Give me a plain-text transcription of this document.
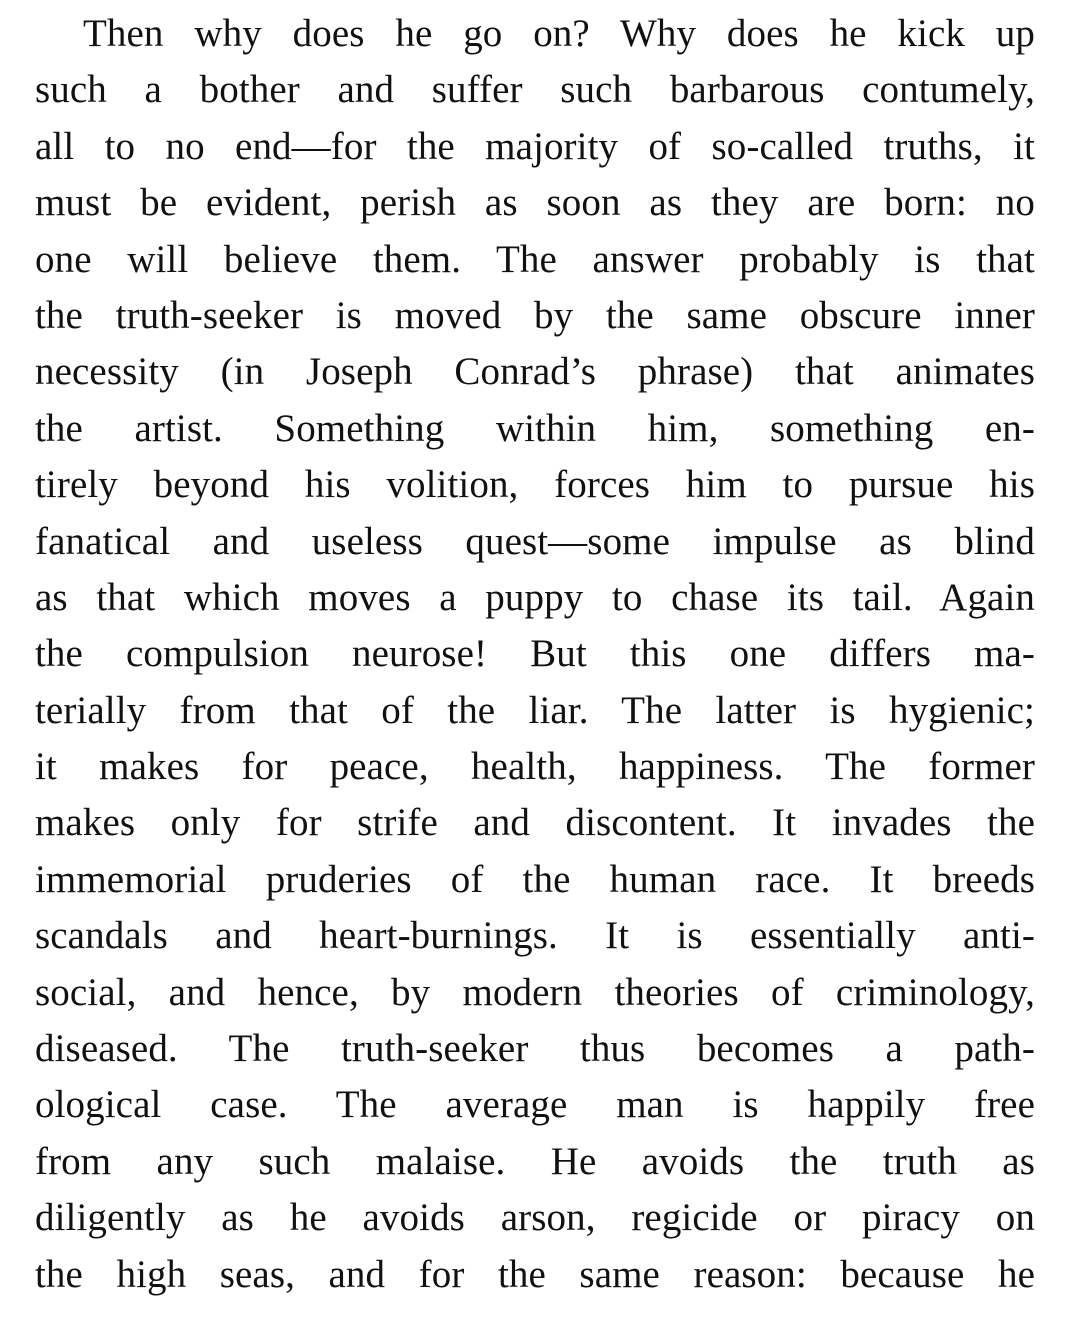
Then why does he go on? Why does he kick up
such a bother and suffer such barbarous contumely,
all to no end—for the majority of so-called truths, it
must be evident, perish as soon as they are born: no
one will believe them. The answer probably is that
the truth-seeker is moved by the same obscure inner
necessity (in Joseph Conrad’s phrase) that animates
the artist. Something within him, something en-
tirely beyond his volition, forces him to pursue his
fanatical and useless quest—some impulse as blind
as that which moves a puppy to chase its tail. Again
the compulsion neurose! But this one differs ma-
terially from that of the liar. The latter is hygienic;
it makes for peace, health, happiness. The former
makes only for strife and discontent. It invades the
immemorial pruderies of the human race. It breeds
scandals and heart-burnings. It is essentially anti-
social, and hence, by modern theories of criminology,
diseased. The truth-seeker thus becomes a path-
ological case. The average man is happily free
from any such malaise. He avoids the truth as
diligently as he avoids arson, regicide or piracy on
the high seas, and for the same reason: because he
